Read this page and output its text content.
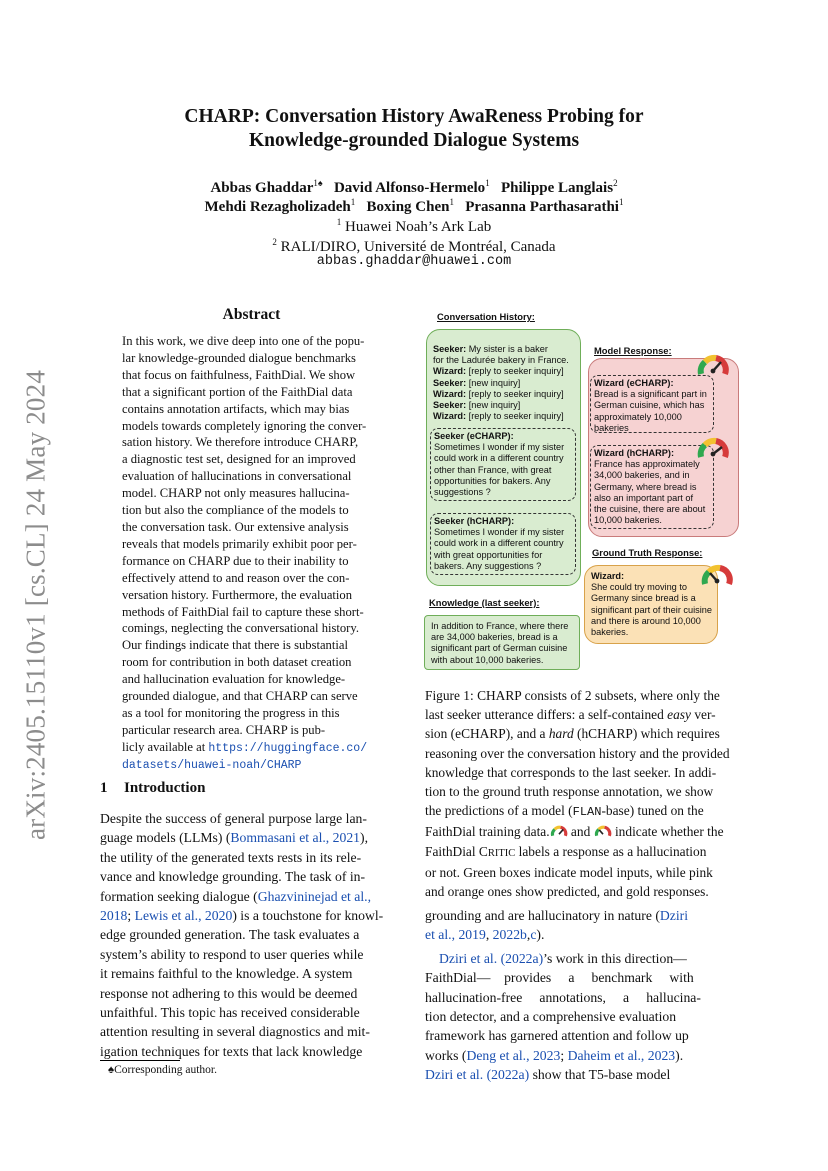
arXiv:2405.15110v1 [cs.CL] 24 May 2024
CHARP: Conversation History AwaReness Probing for
Knowledge-grounded Dialogue Systems
Abbas Ghaddar$^{1♠}$ David Alfonso-Hermelo$^1$ Philippe Langlais$^2$
Mehdi Rezagholizadeh$^1$ Boxing Chen$^1$ Prasanna Parthasarathi$^1$
$^1$ Huawei Noah’s Ark Lab
$^2$ RALI/DIRO, Université de Montréal, Canada
abbas.ghaddar@huawei.com
Abstract
In this work, we dive deep into one of the popu-
lar knowledge-grounded dialogue benchmarks
that focus on faithfulness, FaithDial. We show
that a significant portion of the FaithDial data
contains annotation artifacts, which may bias
models towards completely ignoring the conver-
sation history. We therefore introduce CHARP,
a diagnostic test set, designed for an improved
evaluation of hallucinations in conversational
model. CHARP not only measures hallucina-
tion but also the compliance of the models to
the conversation task. Our extensive analysis
reveals that models primarily exhibit poor per-
formance on CHARP due to their inability to
effectively attend to and reason over the con-
versation history. Furthermore, the evaluation
methods of FaithDial fail to capture these short-
comings, neglecting the conversational history.
Our findings indicate that there is substantial
room for contribution in both dataset creation
and hallucination evaluation for knowledge-
grounded dialogue, and that CHARP can serve
as a tool for monitoring the progress in this
particular research area. CHARP is pub-
licly available at https://huggingface.co/
datasets/huawei-noah/CHARP
1 Introduction
Despite the success of general purpose large lan-
guage models (LLMs) (Bommasani et al., 2021),
the utility of the generated texts rests in its rele-
vance and knowledge grounding. The task of in-
formation seeking dialogue (Ghazvininejad et al.,
2018; Lewis et al., 2020) is a touchstone for knowl-
edge grounded generation. The task evaluates a
system’s ability to respond to user queries while
it remains faithful to the knowledge. A system
response not adhering to this would be deemed
unfaithful. This topic has received considerable
attention resulting in several diagnostics and mit-
igation techniques for texts that lack knowledge
♠Corresponding author.
Conversation History:
Model Response:
Ground Truth Response:
Knowledge (last seeker):
Seeker: My sister is a baker
for the Ladurée bakery in France.
Wizard: [reply to seeker inquiry]
Seeker: [new inquiry]
Wizard: [reply to seeker inquiry]
Seeker: [new inquiry]
Wizard: [reply to seeker inquiry]
Seeker (eCHARP):
Sometimes I wonder if my sister
could work in a different country
other than France, with great
opportunities for bakers. Any
suggestions ?
Seeker (hCHARP):
Sometimes I wonder if my sister
could work in a different country
with great opportunities for
bakers. Any suggestions ?
In addition to France, where there
are 34,000 bakeries, bread is a
significant part of German cuisine
with about 10,000 bakeries.
Wizard (eCHARP):
Bread is a significant part in
German cuisine, which has
approximately 10,000
bakeries
Wizard (hCHARP):
France has approximately
34,000 bakeries, and in
Germany, where bread is
also an important part of
the cuisine, there are about
10,000 bakeries.
Wizard:
She could try moving to
Germany since bread is a
significant part of their cuisine
and there is around 10,000
bakeries.
Figure 1: CHARP consists of 2 subsets, where only the
last seeker utterance differs: a self-contained easy ver-
sion (eCHARP), and a hard (hCHARP) which requires
reasoning over the conversation history and the provided
knowledge that corresponds to the last seeker. In addi-
tion to the ground truth response annotation, we show
the predictions of a model (FLAN-base) tuned on the
FaithDial training data. and  indicate whether the
FaithDial CRITIC labels a response as a hallucination
or not. Green boxes indicate model inputs, while pink
and orange ones show predicted, and gold responses.
grounding and are hallucinatory in nature (Dziri
et al., 2019, 2022b,c).
Dziri et al. (2022a)’s work in this direction—
FaithDial—    provides     a     benchmark     with
hallucination-free     annotations,     a     hallucina-
tion detector, and a comprehensive evaluation
framework has garnered attention and follow up
works (Deng et al., 2023; Daheim et al., 2023).
Dziri et al. (2022a) show that T5-base model
